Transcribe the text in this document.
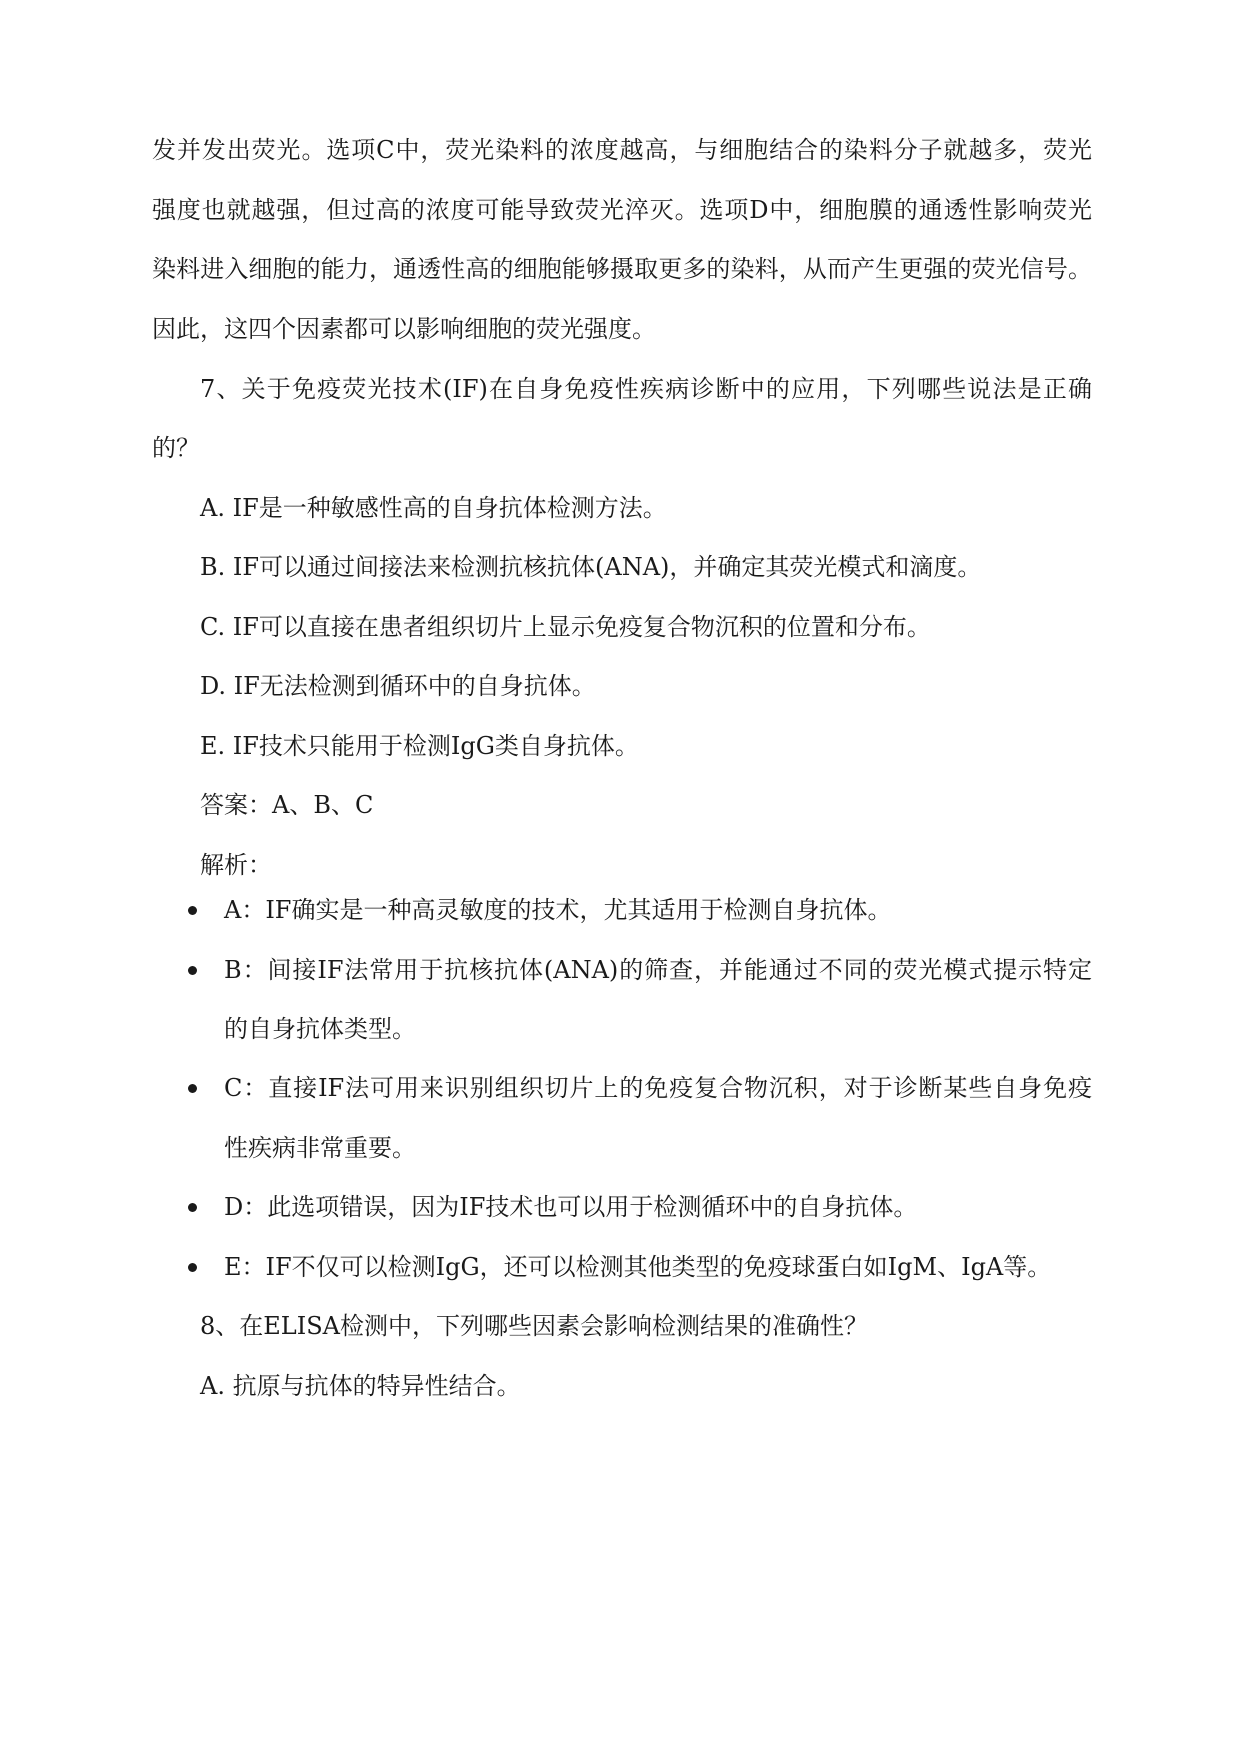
发并发出荧光。选项C中，荧光染料的浓度越高，与细胞结合的染料分子就越多，荧光
强度也就越强，但过高的浓度可能导致荧光淬灭。选项D中，细胞膜的通透性影响荧光
染料进入细胞的能力，通透性高的细胞能够摄取更多的染料，从而产生更强的荧光信号。
因此，这四个因素都可以影响细胞的荧光强度。
7、关于免疫荧光技术(IF)在自身免疫性疾病诊断中的应用，下列哪些说法是正确
的？
A. IF是一种敏感性高的自身抗体检测方法。
B. IF可以通过间接法来检测抗核抗体(ANA)，并确定其荧光模式和滴度。
C. IF可以直接在患者组织切片上显示免疫复合物沉积的位置和分布。
D. IF无法检测到循环中的自身抗体。
E. IF技术只能用于检测IgG类自身抗体。
答案：A、B、C
解析：
A：IF确实是一种高灵敏度的技术，尤其适用于检测自身抗体。
B：间接IF法常用于抗核抗体(ANA)的筛查，并能通过不同的荧光模式提示特定
的自身抗体类型。
C：直接IF法可用来识别组织切片上的免疫复合物沉积，对于诊断某些自身免疫
性疾病非常重要。
D：此选项错误，因为IF技术也可以用于检测循环中的自身抗体。
E：IF不仅可以检测IgG，还可以检测其他类型的免疫球蛋白如IgM、IgA等。
8、在ELISA检测中，下列哪些因素会影响检测结果的准确性？
A. 抗原与抗体的特异性结合。
